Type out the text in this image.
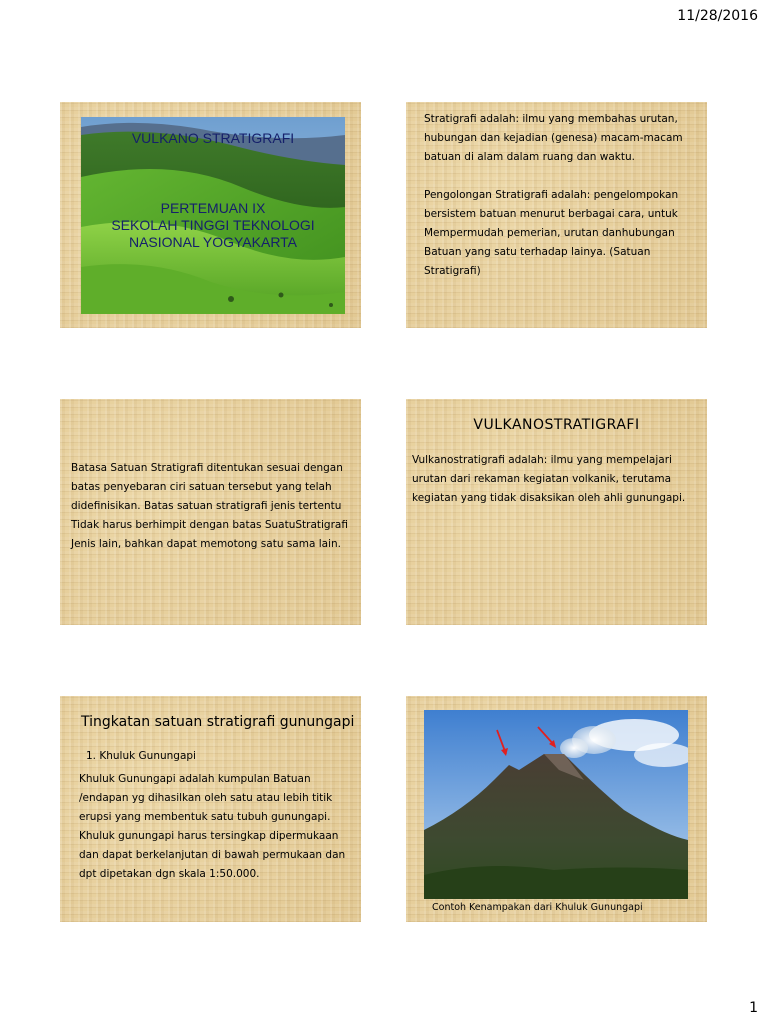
11/28/2016
VULKANO STRATIGRAFI
PERTEMUAN IX
SEKOLAH TINGGI TEKNOLOGI
NASIONAL YOGYAKARTA

Stratigrafi adalah: ilmu yang membahas urutan, hubungan dan kejadian (genesa) macam-macam batuan di alam dalam ruang dan waktu.

Pengolongan Stratigrafi adalah: pengelompokan bersistem batuan menurut berbagai cara, untuk Mempermudah pemerian, urutan danhubungan Batuan yang satu terhadap lainya. (Satuan Stratigrafi)

Batasa Satuan Stratigrafi ditentukan sesuai dengan batas penyebaran ciri satuan tersebut yang telah didefinisikan. Batas satuan stratigrafi jenis tertentu Tidak harus berhimpit dengan batas SuatuStratigrafi Jenis lain, bahkan dapat memotong satu sama lain.
VULKANOSTRATIGRAFI
Vulkanostratigrafi adalah: ilmu yang mempelajari urutan dari rekaman kegiatan volkanik, terutama kegiatan yang tidak disaksikan oleh ahli gunungapi.
Tingkatan satuan stratigrafi gunungapi
1. Khuluk Gunungapi
Khuluk Gunungapi adalah kumpulan Batuan /endapan yg dihasilkan oleh satu atau lebih titik erupsi yang membentuk satu tubuh gunungapi. Khuluk gunungapi harus tersingkap dipermukaan dan dapat berkelanjutan di bawah permukaan dan dpt dipetakan dgn skala 1:50.000.
Contoh Kenampakan dari Khuluk Gunungapi
1
